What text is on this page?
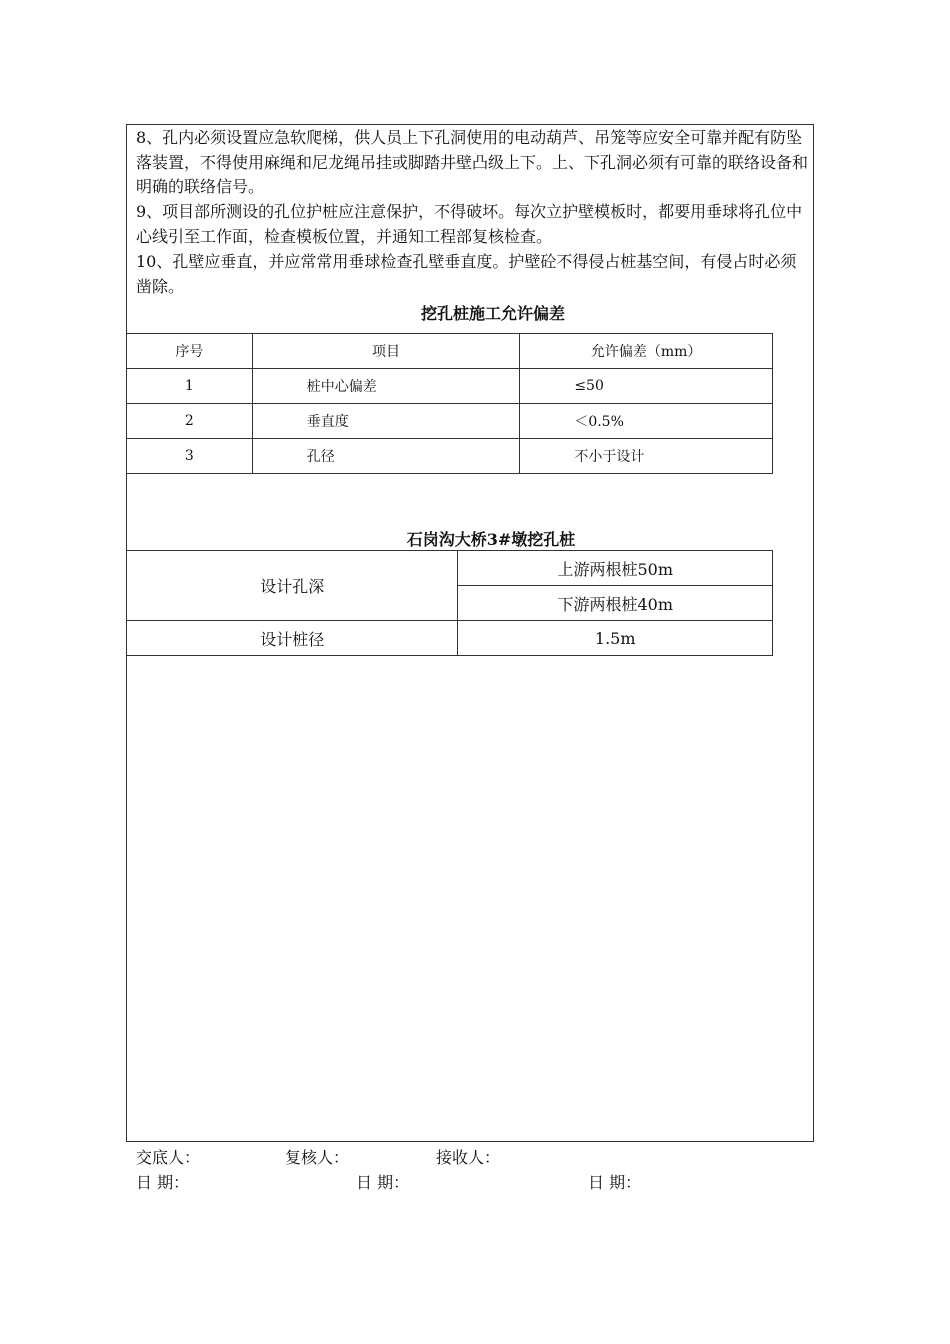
8、孔内必须设置应急软爬梯，供人员上下孔洞使用的电动葫芦、吊笼等应安全可靠并配有防坠落装置，不得使用麻绳和尼龙绳吊挂或脚踏井壁凸级上下。上、下孔洞必须有可靠的联络设备和明确的联络信号。
9、项目部所测设的孔位护桩应注意保护，不得破坏。每次立护壁模板时，都要用垂球将孔位中心线引至工作面，检查模板位置，并通知工程部复核检查。
10、孔壁应垂直，并应常常用垂球检查孔壁垂直度。护壁砼不得侵占桩基空间，有侵占时必须凿除。
挖孔桩施工允许偏差
序号	项目	允许偏差（mm）
1	桩中心偏差	≤50
2	垂直度	＜0.5%
3	孔径	不小于设计
石岗沟大桥3#墩挖孔桩
设计孔深	上游两根桩50m
	下游两根桩40m
设计桩径	1.5m
交底人：	复核人：	接收人：
日 期：	日 期：	日 期：
